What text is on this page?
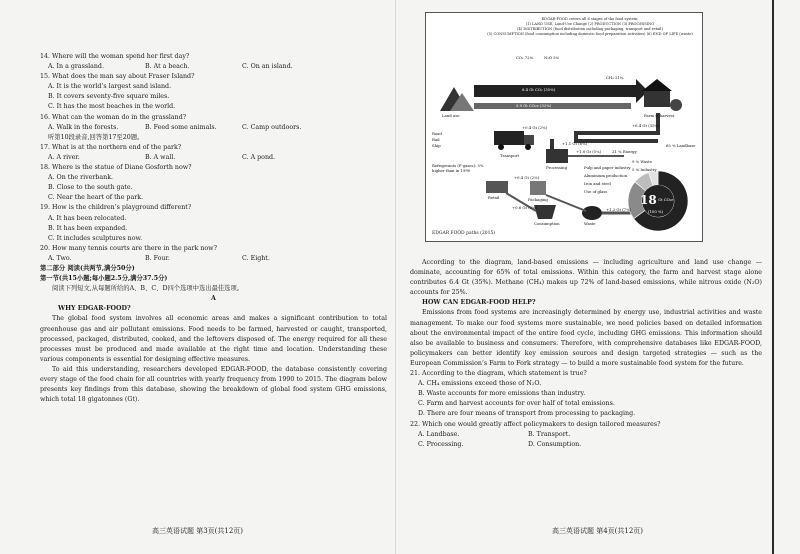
14. Where will the woman spend her first day?
A. In a grassland.	B. At a beach.	C. On an island.
15. What does the man say about Fraser Island?
A. It is the world’s largest sand island.
B. It covers seventy-five square miles.
C. It has the most beaches in the world.
16. What can the woman do in the grassland?
A. Walk in the forests.	B. Feed some animals.	C. Camp outdoors.
听第10段录音,回答第17至20题。
17. What is at the northern end of the park?
A. A river.	B. A wall.	C. A pond.
18. Where is the statue of Diane Gosforth now?
A. On the riverbank.
B. Close to the south gate.
C. Near the heart of the park.
19. How is the children’s playground different?
A. It has been relocated.
B. It has been expanded.
C. It includes sculptures now.
20. How many tennis courts are there in the park now?
A. Two.	B. Four.	C. Eight.
第二部分 阅读(共两节,满分50分)
第一节(共15小题;每小题2.5分,满分37.5分)
阅读下列短文,从每题所给的A、B、C、D四个选项中选出最佳选项。
A
WHY EDGAR-FOOD?

The global food system involves all economic areas and makes a significant contribution to total greenhouse gas and air pollutant emissions. Food needs to be farmed, harvested or caught, transported, processed, packaged, distributed, cooked, and the leftovers disposed of. The energy required for all these processes must be produced and made available at the right time and location. Understanding these various components is essential for designing effective measures.

To aid this understanding, researchers developed EDGAR-FOOD, the database consistently covering every stage of the food chain for all countries with yearly frequency from 1990 to 2015. The diagram below presents key findings from this database, showing the breakdown of global food system GHG emissions, which total 18 gigatonnes (Gt).

高三英语试题 第3页(共12页)

According to the diagram, land-based emissions — including agriculture and land use change — dominate, accounting for 65% of total emissions. Within this category, the farm and harvest stage alone contributes 6.4 Gt (35%). Methane (CH₄) makes up 72% of land-based emissions, while nitrous oxide (N₂O) accounts for 25%.

HOW CAN EDGAR-FOOD HELP?

Emissions from food systems are increasingly determined by energy use, industrial activities and waste management. To make our food systems more sustainable, we need policies based on detailed information about the environmental impact of the entire food cycle, including GHG emissions. This information should also be available to business and consumers. Therefore, with comprehensive databases like EDGAR-FOOD, policymakers can better identify key emission sources and design targeted strategies — such as the European Commission’s Farm to Fork strategy — to build a more sustainable food system for the future.

21. According to the diagram, which statement is true?
A. CH₄ emissions exceed those of N₂O.
B. Waste accounts for more emissions than industry.
C. Farm and harvest accounts for over half of total emissions.
D. There are four means of transport from processing to packaging.
22. Which one would greatly affect policymakers to design tailored measures?
A. Landbase.	B. Transport.
C. Processing.	D. Consumption.
高三英语试题 第4页(共12页)
EDGAR-FOOD covers all 6 stages of the food system:
(1) LAND USE, Land-Use Change (2) PRODUCTION (3) PROCESSING
(4) DISTRIBUTION (food distribution including packaging, transport and retail)
(5) CONSUMPTION (food consumption including domestic food preparation activities) (6) END OF LIFE (waste)
CO₂ 72%	N₂O 5%
CH₄ 21%
6.4 Gt CO₂ (35%)
5.9 Gt CO₂e (32%)
Land use	Farm & harvest
+6.4 Gt (35%)
65 % Landbase
21 % Energy
9 % Waste
5 % Industry
Road
Rail
Ship
Transport
Processing	Pulp and paper industry
Aluminium production
Iron and steel
Use of glass
Refrigerants (F-gases): 5% higher than in 1990
Retail	Packaging
Consumption	Waste
+1.1 Gt (6%)
+0.4 Gt (2%)
+1.0 Gt (5%)
+0.6 Gt (3%)	+1.2 Gt (7%)
+0.4 Gt (2%)
18 Gt CO₂e
(100 %)
EDGAR FOOD paths (2015)
